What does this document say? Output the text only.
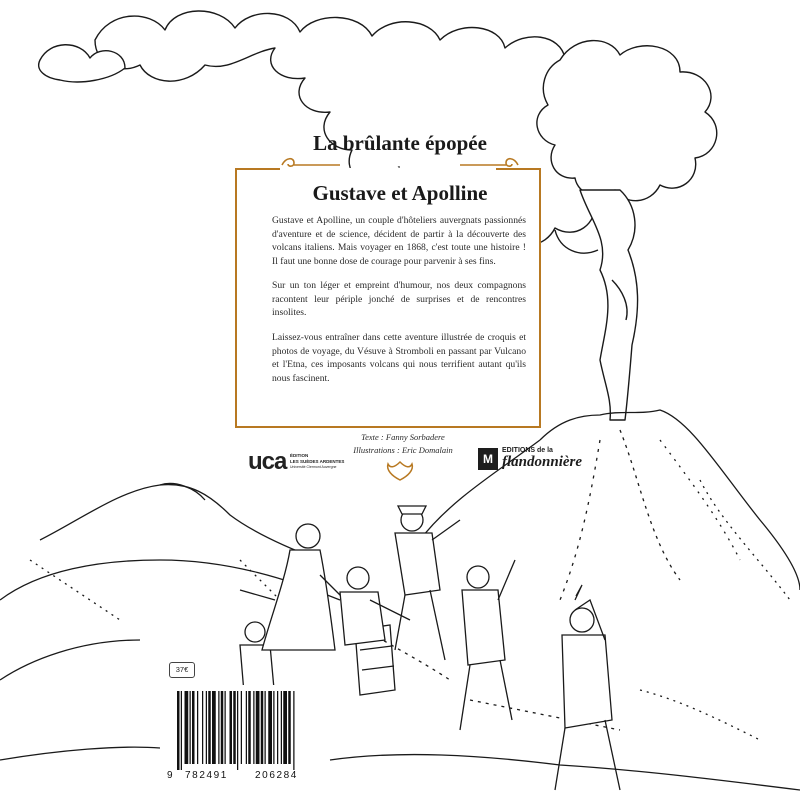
La brûlante épopée
Gustave et Apolline

Gustave et Apolline, un couple d'hôteliers auvergnats passionnés d'aventure et de science, décident de partir à la découverte des volcans italiens. Mais voyager en 1868, c'est toute une histoire ! Il faut une bonne dose de courage pour parvenir à ses fins.

Sur un ton léger et empreint d'humour, nos deux compagnons racontent leur périple jonché de surprises et de rencontres insolites.

Laissez-vous entraîner dans cette aventure illustrée de croquis et photos de voyage, du Vésuve à Stromboli en passant par Vulcano et l'Etna, ces imposants volcans qui nous terrifient autant qu'ils nous fascinent.

Texte : Fanny Sorbadere
Illustrations : Eric Domalain
uca ÉDITION
LES SUÈDES ARDENTES
Université Clermont Auvergne
M
EDITIONS de la
flandonnière
37€
9 782491	206284
